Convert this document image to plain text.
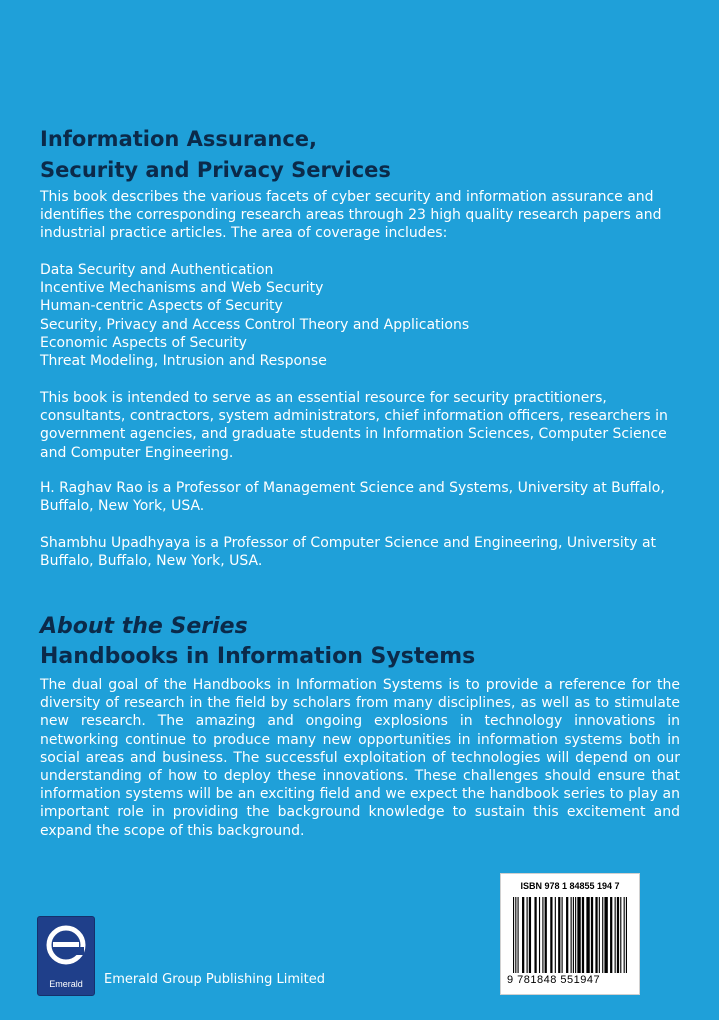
Information Assurance,
Security and Privacy Services

This book describes the various facets of cyber security and information assurance and identifies the corresponding research areas through 23 high quality research papers and industrial practice articles. The area of coverage includes:

Data Security and Authentication
Incentive Mechanisms and Web Security
Human-centric Aspects of Security
Security, Privacy and Access Control Theory and Applications
Economic Aspects of Security
Threat Modeling, Intrusion and Response

This book is intended to serve as an essential resource for security practitioners, consultants, contractors, system administrators, chief information officers, researchers in government agencies, and graduate students in Information Sciences, Computer Science and Computer Engineering.

H. Raghav Rao is a Professor of Management Science and Systems, University at Buffalo, Buffalo, New York, USA.

Shambhu Upadhyaya is a Professor of Computer Science and Engineering, University at Buffalo, Buffalo, New York, USA.

About the Series
Handbooks in Information Systems

The dual goal of the Handbooks in Information Systems is to provide a reference for the diversity of research in the field by scholars from many disciplines, as well as to stimulate new research. The amazing and ongoing explosions in technology innovations in networking continue to produce many new opportunities in information systems both in social areas and business. The successful exploitation of technologies will depend on our understanding of how to deploy these innovations. These challenges should ensure that information systems will be an exciting field and we expect the handbook series to play an important role in providing the background knowledge to sustain this excitement and expand the scope of this background.

Emerald	Emerald Group Publishing Limited
ISBN 978 1 84855 194 7
9 781848 551947
